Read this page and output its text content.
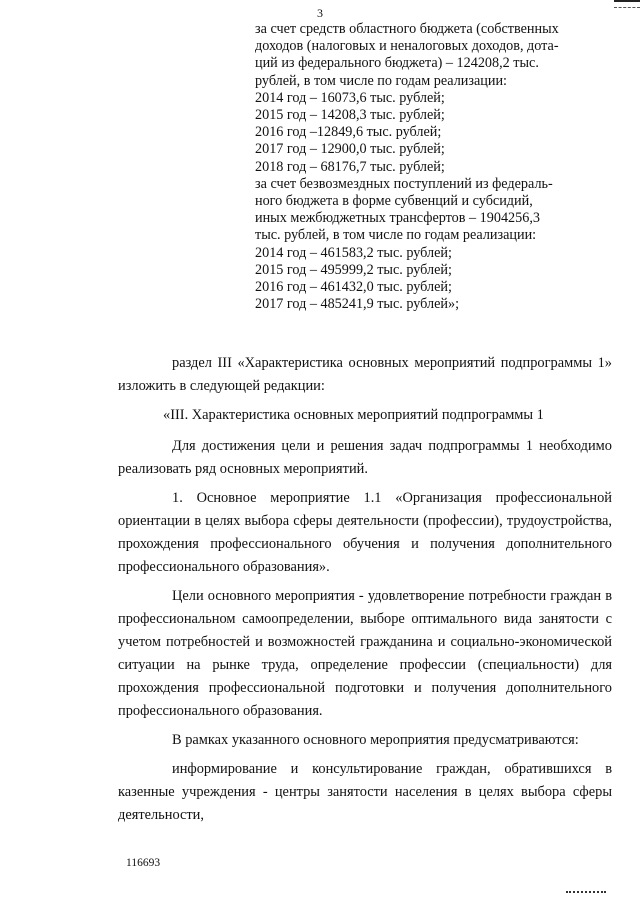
3
за счет средств областного бюджета (собственных
доходов (налоговых и неналоговых доходов, дота-
ций из федерального бюджета) – 124208,2 тыс.
рублей, в том числе по годам реализации:
2014 год – 16073,6 тыс. рублей;
2015 год – 14208,3 тыс. рублей;
2016 год –12849,6 тыс. рублей;
2017 год – 12900,0 тыс. рублей;
2018 год – 68176,7 тыс. рублей;
за счет безвозмездных поступлений из федераль-
ного бюджета в форме субвенций и субсидий,
иных межбюджетных трансфертов – 1904256,3
тыс. рублей, в том числе по годам реализации:
2014 год – 461583,2 тыс. рублей;
2015 год – 495999,2 тыс. рублей;
2016 год – 461432,0 тыс. рублей;
2017 год – 485241,9 тыс. рублей»;

раздел III «Характеристика основных мероприятий подпрограммы 1» изложить в следующей редакции:

«III. Характеристика основных мероприятий подпрограммы 1

Для достижения цели и решения задач подпрограммы 1 необходимо реализовать ряд основных мероприятий.

1. Основное мероприятие 1.1 «Организация профессиональной ориентации в целях выбора сферы деятельности (профессии), трудоустройства, прохождения профессионального обучения и получения дополнительного профессионального образования».

Цели основного мероприятия - удовлетворение потребности граждан в профессиональном самоопределении, выборе оптимального вида занятости с учетом потребностей и возможностей гражданина и социально-экономической ситуации на рынке труда, определение профессии (специальности) для прохождения профессиональной подготовки и получения дополнительного профессионального образования.

В рамках указанного основного мероприятия предусматриваются:

информирование и консультирование граждан, обратившихся в казенные учреждения - центры занятости населения в целях выбора сферы деятельности,

116693
